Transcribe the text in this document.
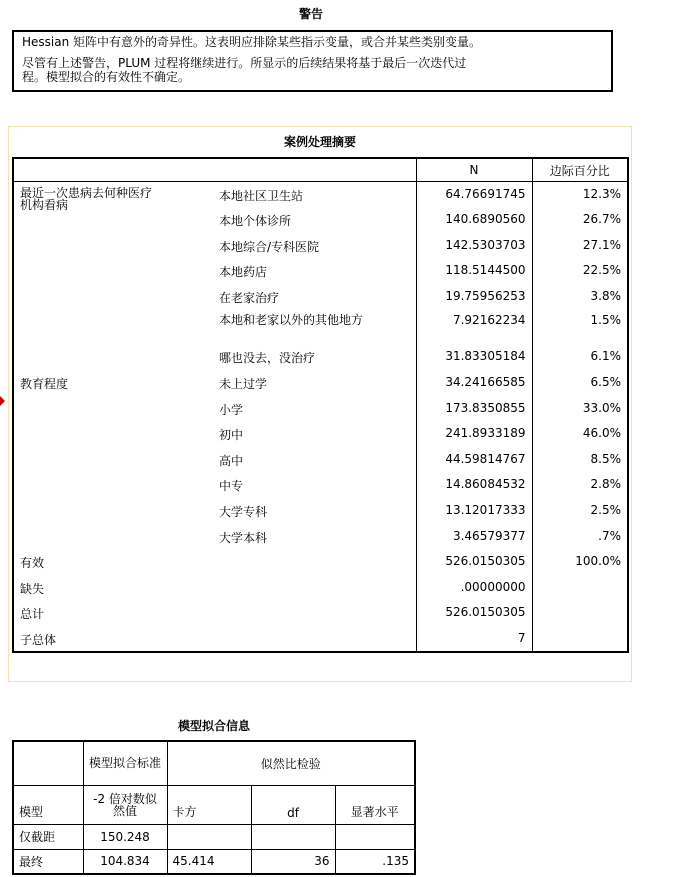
警告

Hessian 矩阵中有意外的奇异性。这表明应排除某些指示变量，或合并某些类别变量。

尽管有上述警告，PLUM 过程将继续进行。所显示的后续结果将基于最后一次迭代过
程。模型拟合的有效性不确定。

案例处理摘要
		N	边际百分比
最近一次患病去何种医疗
机构看病	本地社区卫生站	64.76691745	12.3%
	本地个体诊所	140.6890560	26.7%
	本地综合/专科医院	142.5303703	27.1%
	本地药店	118.5144500	22.5%
	在老家治疗	19.75956253	3.8%
	本地和老家以外的其他地方	7.92162234	1.5%
	哪也没去，没治疗	31.83305184	6.1%
教育程度	未上过学	34.24166585	6.5%
	小学	173.8350855	33.0%
	初中	241.8933189	46.0%
	高中	44.59814767	8.5%
	中专	14.86084532	2.8%
	大学专科	13.12017333	2.5%
	大学本科	3.46579377	.7%
有效		526.0150305	100.0%
缺失		.00000000	
总计		526.0150305	
子总体		7	
模型拟合信息
	模型拟合标准	似然比检验		
模型	-2 倍对数似然值	卡方	df	显著水平
仅截距	150.248			
最终	104.834	45.414	36	.135
